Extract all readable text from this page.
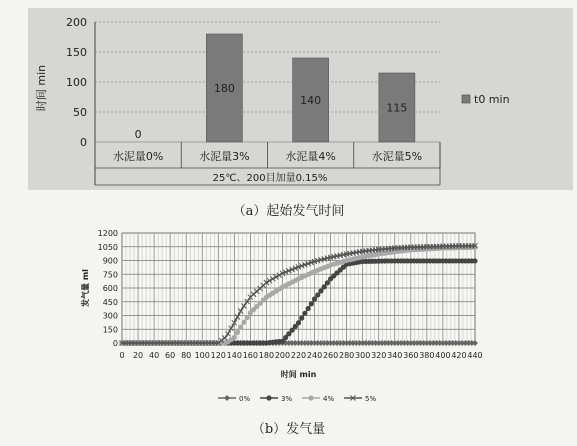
0
50
100
150
200
时间 min
0
水泥量0%
180
水泥量3%
140
水泥量4%
115
水泥量5%
25℃、200目加量0.15%
t0 min
（a）起始发气时间
0
150
300
450
600
750
900
1050
1200
0 20 40 60 80 100 120 140 160 180 200 220 240 260 280 300 320 340 360 380 400 420 440
时间 min
发气量 ml
0%	3%	4%	5%
（b）发气量
